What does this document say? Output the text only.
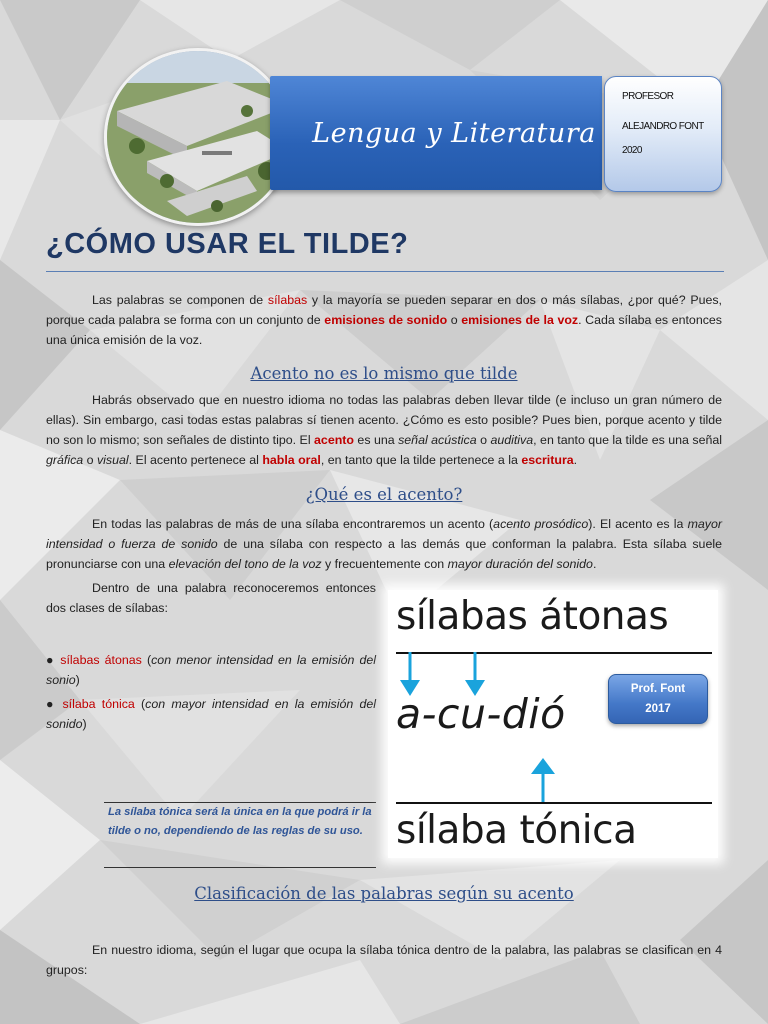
Lengua y Literatura
PROFESOR
ALEJANDRO FONT
2020
¿CÓMO USAR EL TILDE?

Las palabras se componen de sílabas y la mayoría se pueden separar en dos o más sílabas, ¿por qué? Pues, porque cada palabra se forma con un conjunto de emisiones de sonido o emisiones de la voz. Cada sílaba es entonces una única emisión de la voz.

Acento no es lo mismo que tilde

Habrás observado que en nuestro idioma no todas las palabras deben llevar tilde (e incluso un gran número de ellas). Sin embargo, casi todas estas palabras sí tienen acento. ¿Cómo es esto posible? Pues bien, porque acento y tilde no son lo mismo; son señales de distinto tipo. El acento es una señal acústica o auditiva, en tanto que la tilde es una señal gráfica o visual. El acento pertenece al habla oral, en tanto que la tilde pertenece a la escritura.

¿Qué es el acento?

En todas las palabras de más de una sílaba encontraremos un acento (acento prosódico). El acento es la mayor intensidad o fuerza de sonido de una sílaba con respecto a las demás que conforman la palabra. Esta sílaba suele pronunciarse con una elevación del tono de la voz y frecuentemente con mayor duración del sonido.

Dentro de una palabra reconoceremos entonces dos clases de sílabas:

● sílabas átonas (con menor intensidad en la emisión del sonio)
● sílaba tónica (con mayor intensidad en la emisión del sonido)

La sílaba tónica será la única en la que podrá ir la tilde o no, dependiendo de las reglas de su uso.

sílabas átonas
a-cu-dió
Prof. Font
2017
sílaba tónica
Clasificación de las palabras según su acento

En nuestro idioma, según el lugar que ocupa la sílaba tónica dentro de la palabra, las palabras se clasifican en 4 grupos:
